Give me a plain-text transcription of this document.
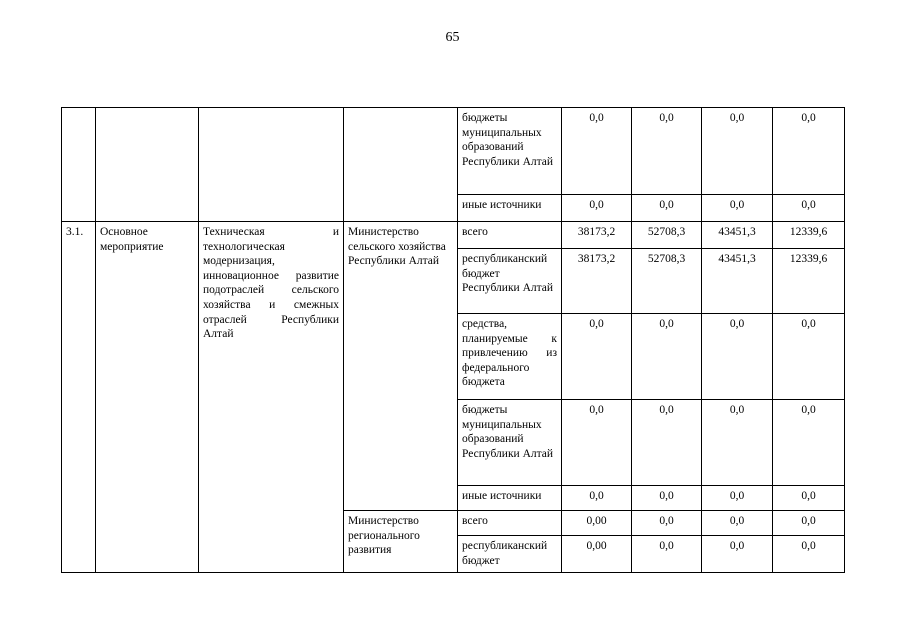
65
				бюджеты муниципальных образований Республики Алтай	0,0	0,0	0,0	0,0
				иные источники	0,0	0,0	0,0	0,0
3.1.	Основное мероприятие	Техническая и технологическая модернизация, инновационное развитие подотраслей сельского хозяйства и смежных отраслей Республики Алтай	Министерство сельского хозяйства Республики Алтай	всего	38173,2	52708,3	43451,3	12339,6
				республиканский бюджет Республики Алтай	38173,2	52708,3	43451,3	12339,6
				средства, планируемые к привлечению из федерального бюджета	0,0	0,0	0,0	0,0
				бюджеты муниципальных образований Республики Алтай	0,0	0,0	0,0	0,0
				иные источники	0,0	0,0	0,0	0,0
			Министерство регионального развития	всего	0,00	0,0	0,0	0,0
				республиканский бюджет	0,00	0,0	0,0	0,0
